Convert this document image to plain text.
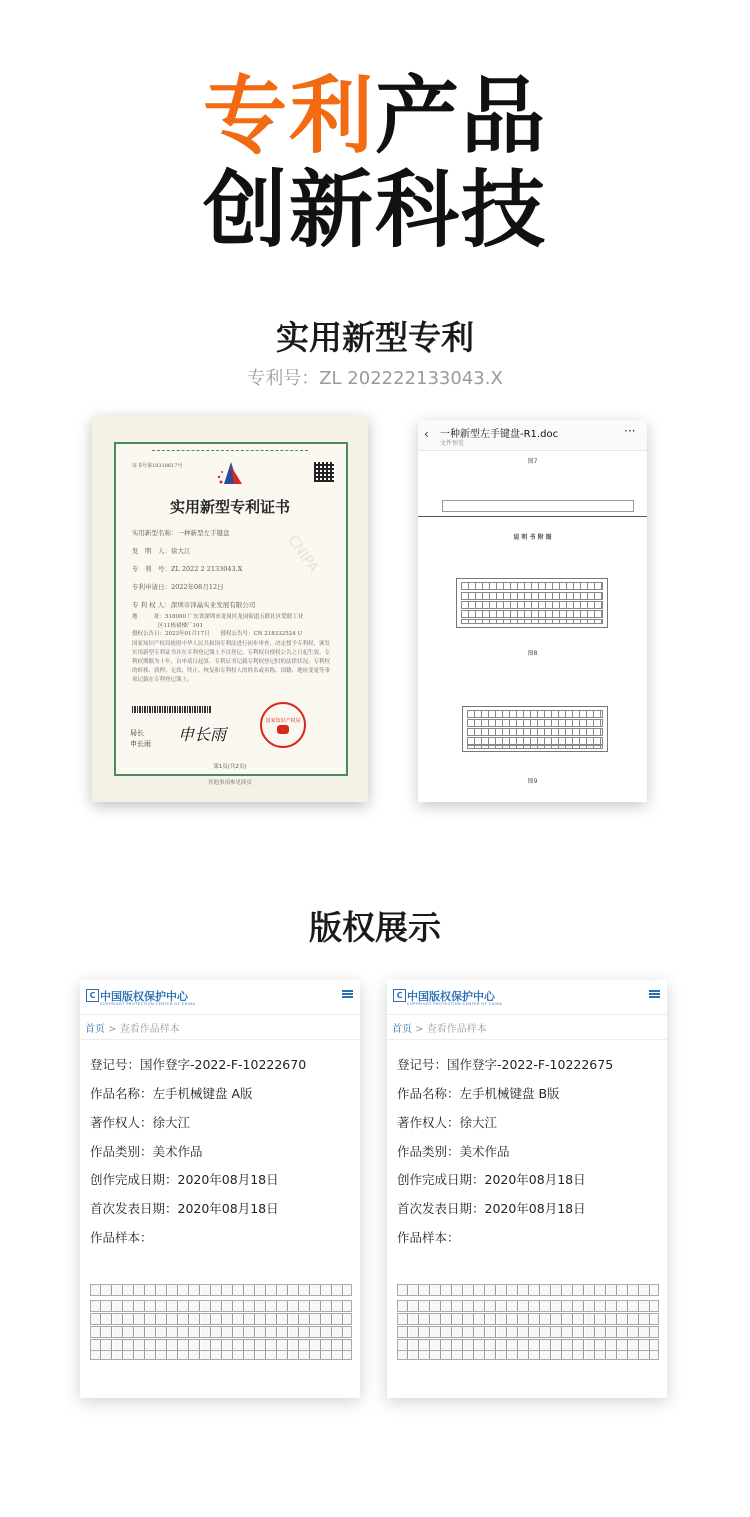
专利产品
创新科技
实用新型专利
专利号：ZL 202222133043.X
证书号第18318617号
实用新型专利证书
实用新型名称：一种新型左手键盘
发　明　人：徐大江
专　利　号：ZL 2022 2 2133043.X
专利申请日：2022年08月12日
专 利 权 人：深圳市泽晶实业发展有限公司
地　　　址：518000 广东省深圳市龙岗区龙岗街道五联社区爱联工业
区11栋裙楼厂101
授权公告日：2023年01月17日　　授权公告号：CN 218332524 U
国家知识产权局依照中华人民共和国专利法进行初步审查，决定授予专利权，颁发实用新型专利证书并在专利登记簿上予以登记。专利权自授权公告之日起生效。专利权期限为十年，自申请日起算。专利证书记载专利权登记时的法律状况。专利权的转移、质押、无效、终止、恢复和专利权人的姓名或名称、国籍、地址变更等事项记载在专利登记簿上。
局长
申长雨 申长雨
国家知识产权局
第1页(共2页)
其他事项参见续页
CNIPA
‹ 一种新型左手键盘-R1.doc
文件预览
···
图7
说 明 书 附 图
图8
图9
版权展示
C 中国版权保护中心
COPYRIGHT PROTECTION CENTER OF CHINA
首页 > 查看作品样本
登记号：国作登字-2022-F-10222670
作品名称：左手机械键盘 A版
著作权人：徐大江
作品类别：美术作品
创作完成日期：2020年08月18日
首次发表日期：2020年08月18日
作品样本：
C 中国版权保护中心
COPYRIGHT PROTECTION CENTER OF CHINA
首页 > 查看作品样本
登记号：国作登字-2022-F-10222675
作品名称：左手机械键盘 B版
著作权人：徐大江
作品类别：美术作品
创作完成日期：2020年08月18日
首次发表日期：2020年08月18日
作品样本：
